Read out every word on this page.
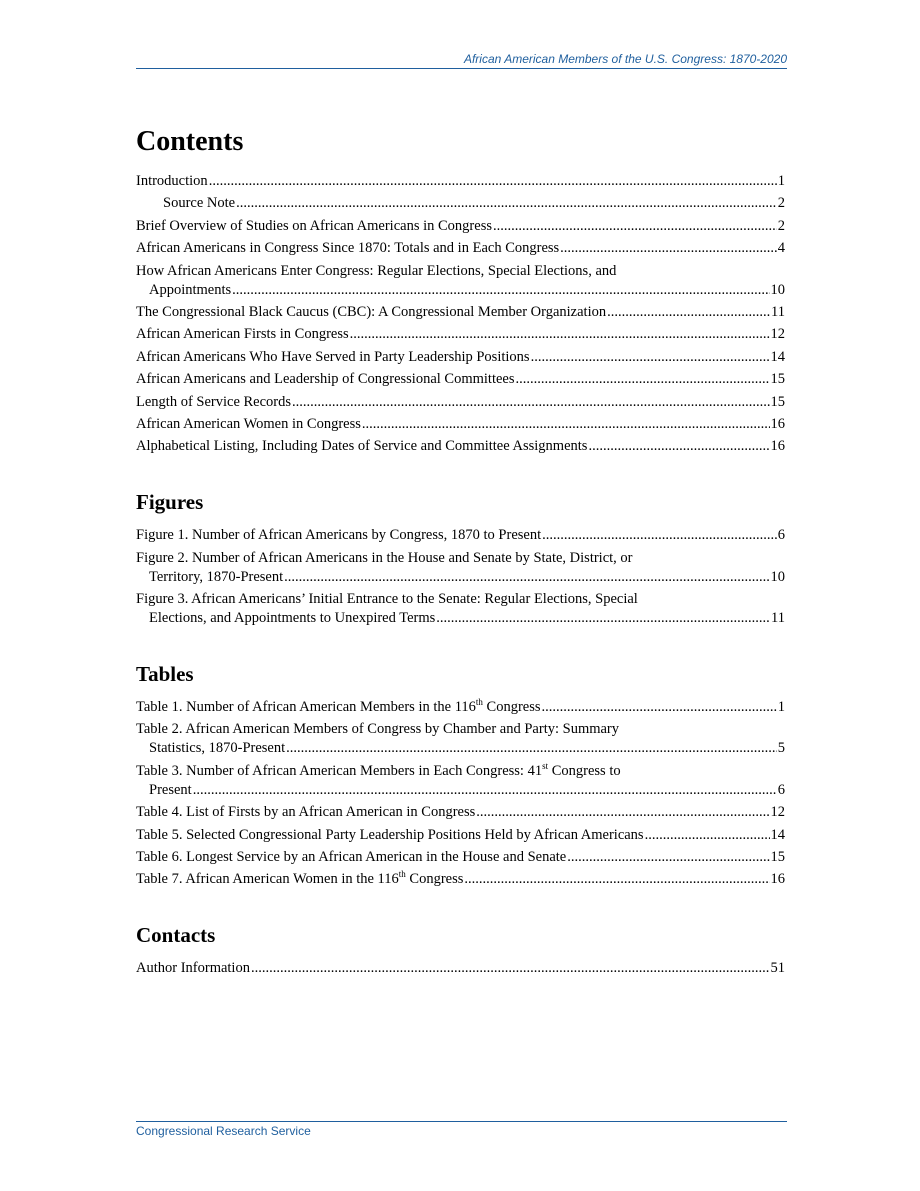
African American Members of the U.S. Congress: 1870-2020
Contents
Introduction .....	1
Source Note .....	2
Brief Overview of Studies on African Americans in Congress .....	2
African Americans in Congress Since 1870: Totals and in Each Congress .....	4
How African Americans Enter Congress: Regular Elections, Special Elections, and
Appointments .....	10
The Congressional Black Caucus (CBC): A Congressional Member Organization .....	11
African American Firsts in Congress .....	12
African Americans Who Have Served in Party Leadership Positions .....	14
African Americans and Leadership of Congressional Committees .....	15
Length of Service Records .....	15
African American Women in Congress .....	16
Alphabetical Listing, Including Dates of Service and Committee Assignments .....	16
Figures
Figure 1. Number of African Americans by Congress, 1870 to Present .....	6
Figure 2. Number of African Americans in the House and Senate by State, District, or
Territory, 1870-Present .....	10
Figure 3. African Americans’ Initial Entrance to the Senate: Regular Elections, Special
Elections, and Appointments to Unexpired Terms .....	11
Tables
Table 1. Number of African American Members in the 116th Congress .....	1
Table 2. African American Members of Congress by Chamber and Party: Summary
Statistics, 1870-Present .....	5
Table 3. Number of African American Members in Each Congress: 41st Congress to
Present .....	6
Table 4. List of Firsts by an African American in Congress .....	12
Table 5. Selected Congressional Party Leadership Positions Held by African Americans .....	14
Table 6. Longest Service by an African American in the House and Senate .....	15
Table 7. African American Women in the 116th Congress .....	16
Contacts
Author Information .....	51
Congressional Research Service
